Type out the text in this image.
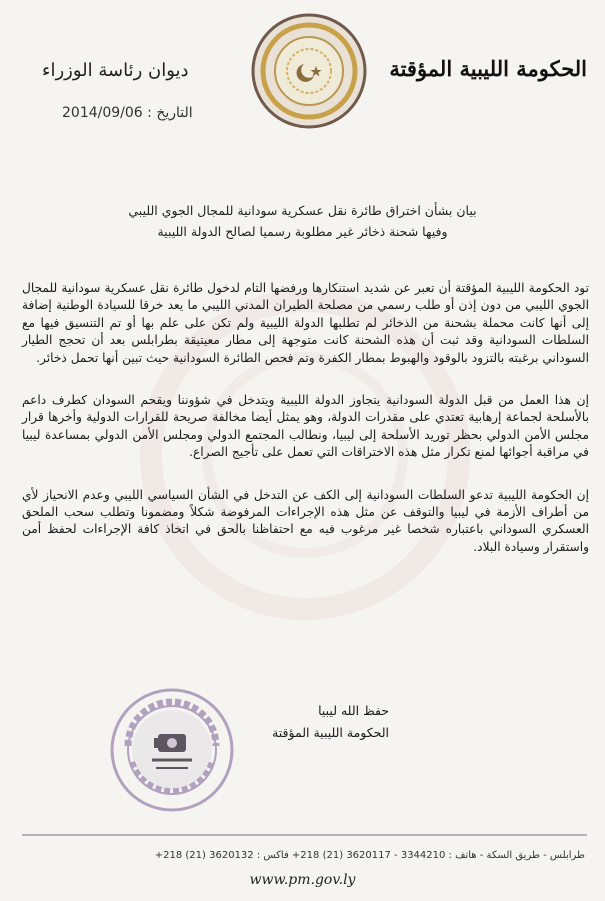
الحكومة الليبية المؤقتة
ديوان رئاسة الوزراء
التاريخ : 2014/09/06
بيان بشأن اختراق طائرة نقل عسكرية سودانية للمجال الجوي الليبي
وفيها شحنة ذخائر غير مطلوبة رسميا لصالح الدولة الليبية

تود الحكومة الليبية المؤقتة أن تعبر عن شديد استنكارها ورفضها التام لدخول طائرة نقل عسكرية سودانية للمجال الجوي الليبي من دون إذن أو طلب رسمي من مصلحة الطيران المدني الليبي ما يعد خرقا للسيادة الوطنية إضافة إلى أنها كانت محملة بشحنة من الذخائر لم تطلبها الدولة الليبية ولم تكن على علم بها أو تم التنسيق فيها مع السلطات السودانية وقد ثبت أن هذه الشحنة كانت متوجهة إلى مطار معيتيقة بطرابلس بعد أن تحجج الطيار السوداني برغبته بالتزود بالوقود والهبوط بمطار الكفرة وتم فحص الطائرة السودانية حيث تبين أنها تحمل ذخائر.

إن هذا العمل من قبل الدولة السودانية يتجاوز الدولة الليبية ويتدخل في شؤوننا ويقحم السودان كطرف داعم بالأسلحة لجماعة إرهابية تعتدي على مقدرات الدولة، وهو يمثل أيضا مخالفة صريحة للقرارات الدولية وأخرها قرار مجلس الأمن الدولي بحظر توريد الأسلحة إلى ليبيا، ونطالب المجتمع الدولي ومجلس الأمن الدولي بمساعدة ليبيا في مراقبة أجوائها لمنع تكرار مثل هذه الاختراقات التي تعمل على تأجيج الصراع.

إن الحكومة الليبية تدعو السلطات السودانية إلى الكف عن التدخل في الشأن السياسي الليبي وعدم الانحياز لأي من أطراف الأزمة في ليبيا والتوقف عن مثل هذه الإجراءات المرفوضة شكلاً ومضمونا وتطلب سحب الملحق العسكري السوداني باعتباره شخصا غير مرغوب فيه مع احتفاظنا بالحق في اتخاذ كافة الإجراءات لحفظ أمن واستقرار وسيادة البلاد.

حفظ الله ليبيا
الحكومة الليبية المؤقتة
طرابلس - طريق السكة - هاتف : 3344210 - 3620117 (21) 218+ فاكس : 3620132 (21) 218+
www.pm.gov.ly
